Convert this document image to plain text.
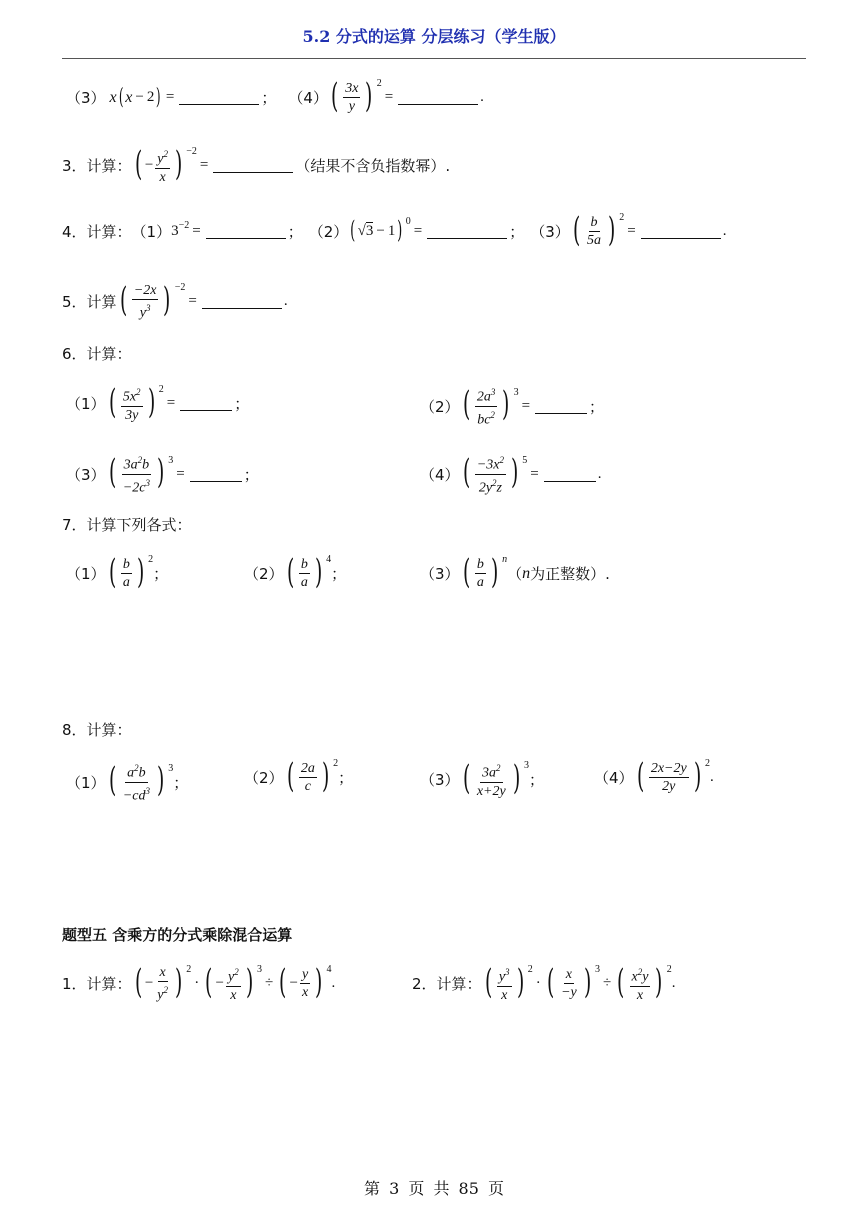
5.2 分式的运算 分层练习（学生版）
（3） x ( x − 2 ) =	； （4） ( $\frac{3x}{y}$ ) 2
=	.
3．计算： ( − $\frac{y^2}{x}$ ) −2
=	（结果不含负指数幂）.
4．计算： （1） $3^{-2}$ =	； （2） ( √3 − 1 ) 0
=	； （3） ( $\frac{b}{5a}$ ) 2
=	.
5．计算 ( $\frac{-2x}{y^3}$ ) −2
=	.
6．计算：
（1） ( $\frac{5x^2}{3y}$ ) 2
=	；	（2） ( $\frac{2a^3}{bc^2}$ ) 3
=	；
（3） ( $\frac{3a^2b}{-2c^3}$ ) 3
=	；	（4） ( $\frac{-3x^2}{2y^2z}$ ) 5
=	.
7．计算下列各式：
（1） ( $\frac{b}{a}$ ) 2
；	（2） ( $\frac{b}{a}$ ) 4
；	（3） ( $\frac{b}{a}$ ) n
（ n 为正整数）.
8．计算：
（1） ( $\frac{a^2b}{-cd^3}$ ) 3
；	（2） ( $\frac{2a}{c}$ ) 2
；	（3） ( $\frac{3a^2}{x+2y}$ ) 3
；	（4） ( $\frac{2x-2y}{2y}$ ) 2
.
题型五 含乘方的分式乘除混合运算
1．计算： ( − $\frac{x}{y^2}$ ) 2
· ( − $\frac{y^2}{x}$ ) 3
÷ ( − $\frac{y}{x}$ ) 4
.	2．计算： ( $\frac{y^3}{x}$ ) 2
· ( $\frac{x}{-y}$ ) 3
÷ ( $\frac{x^2y}{x}$ ) 2
.
第 3 页 共 85 页
